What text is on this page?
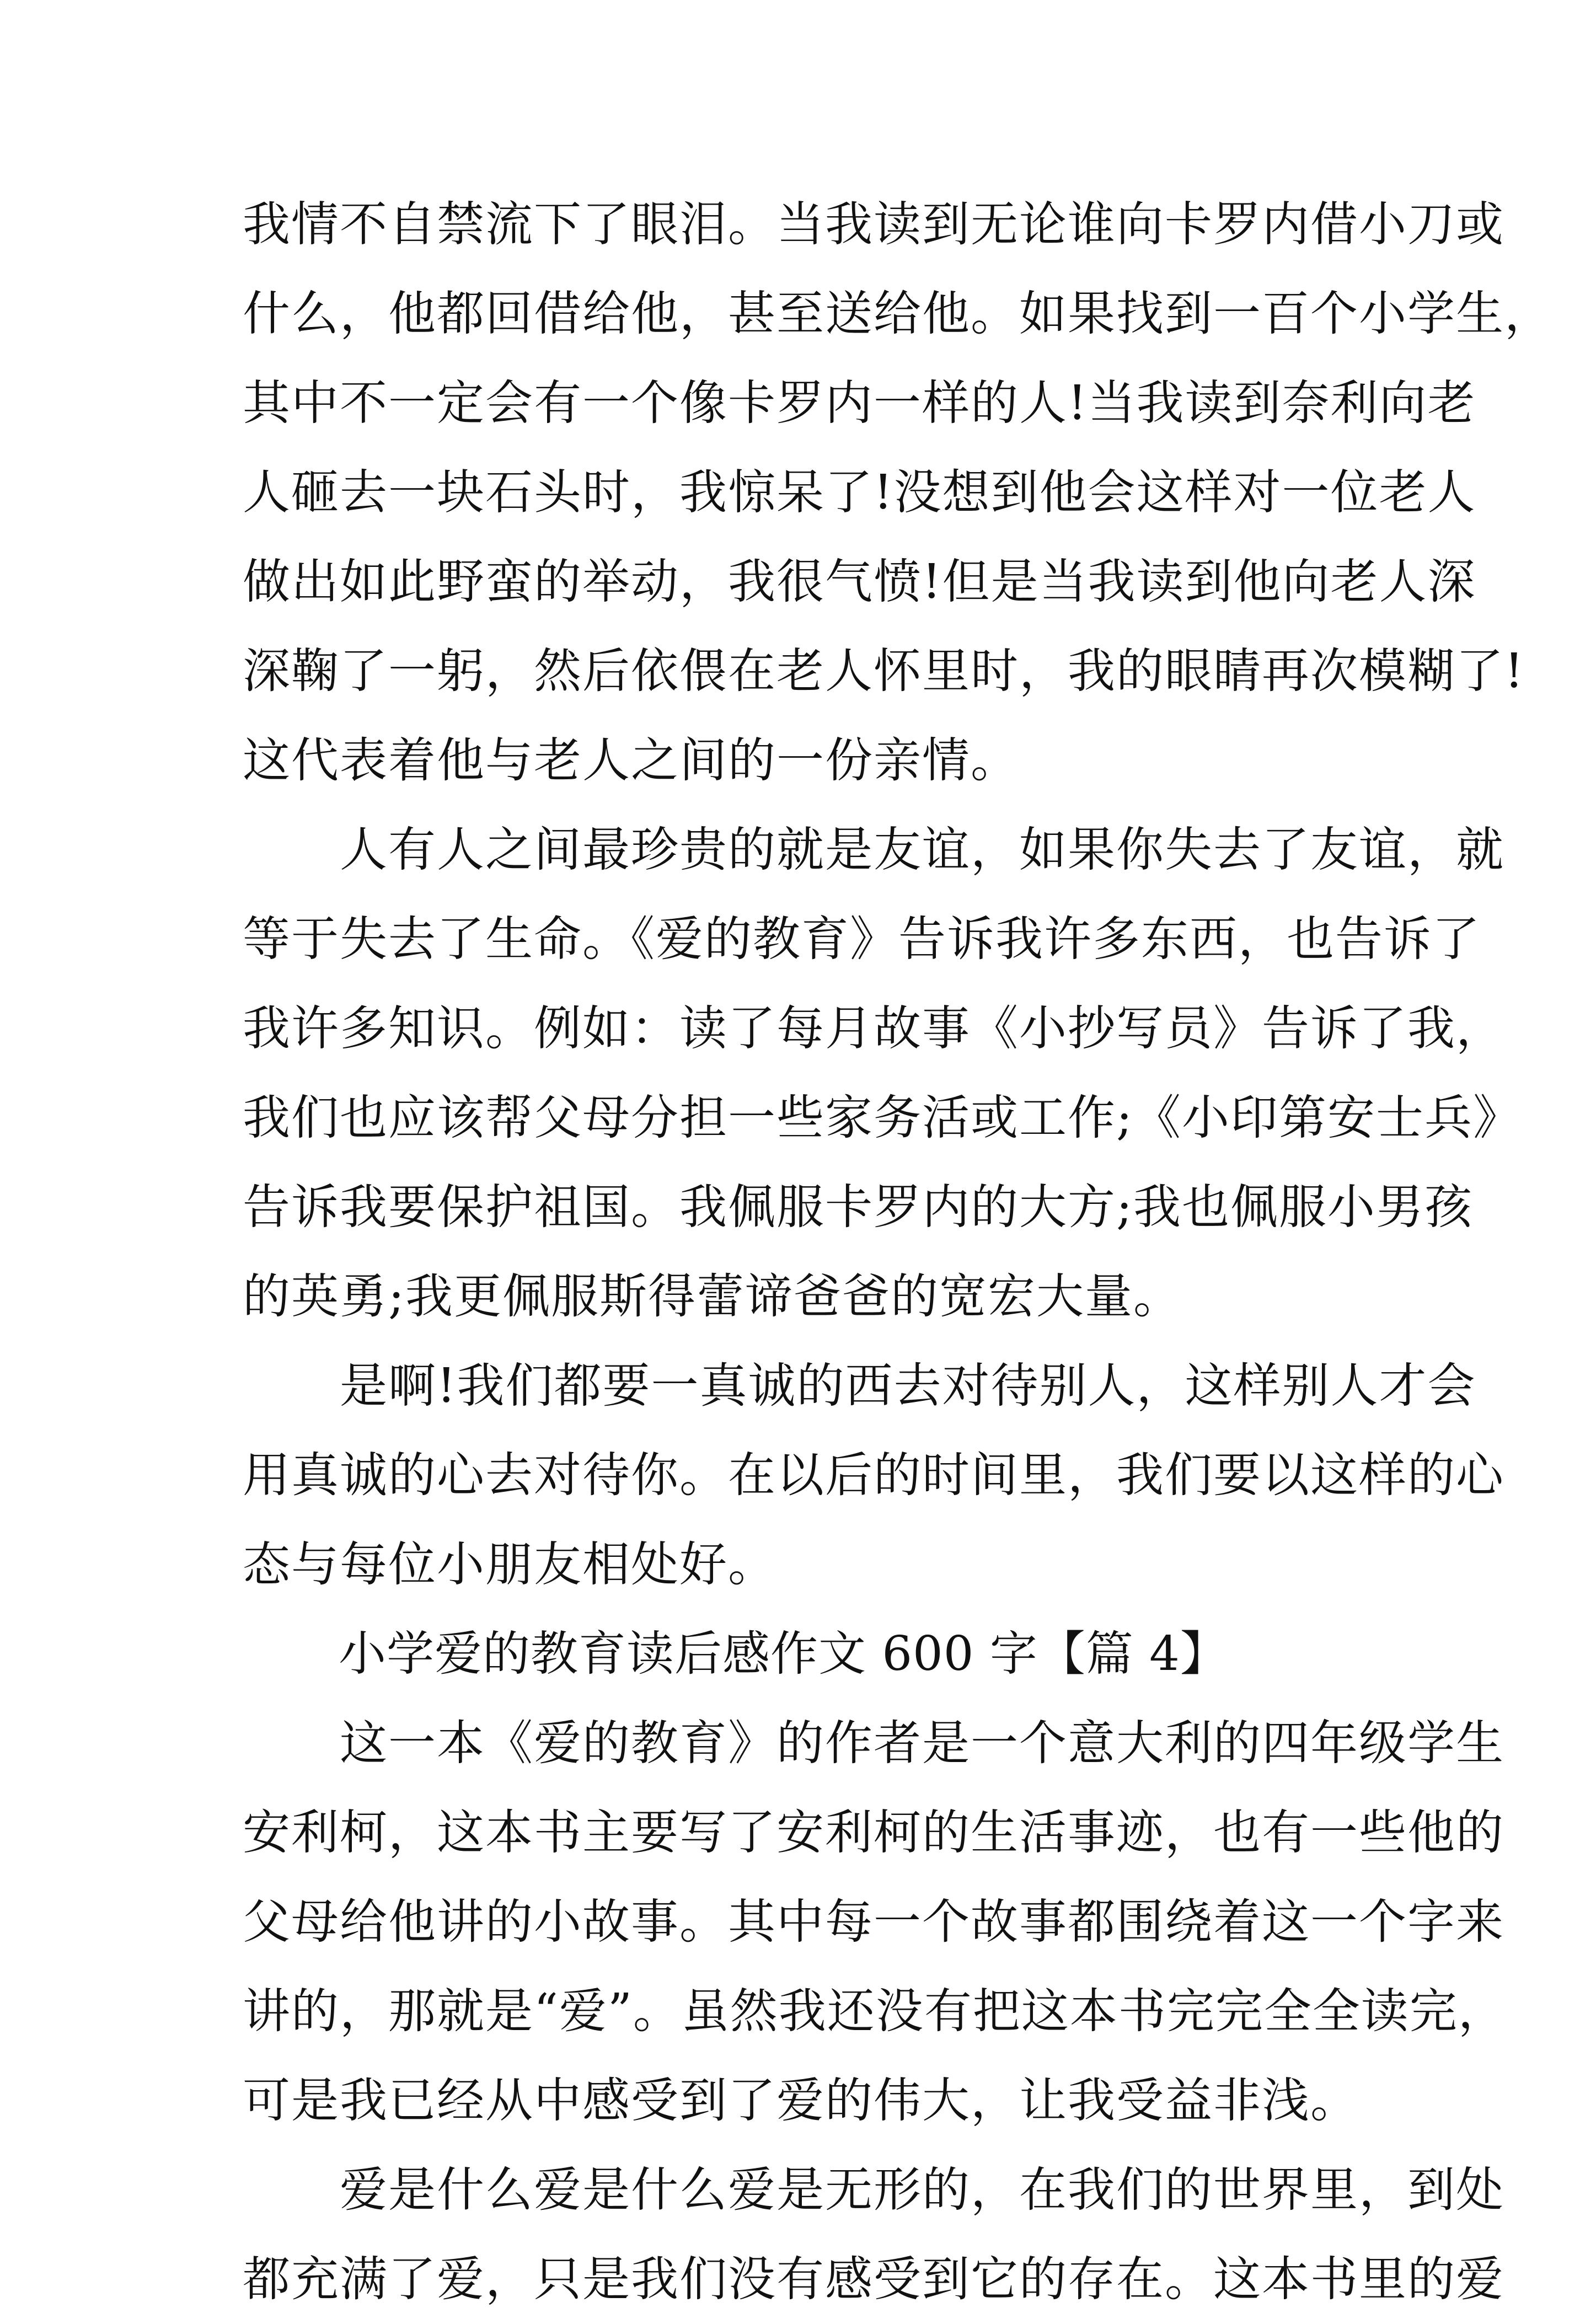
我情不自禁流下了眼泪。当我读到无论谁向卡罗内借小刀或
什么，他都回借给他，甚至送给他。如果找到一百个小学生，
其中不一定会有一个像卡罗内一样的人!当我读到奈利向老
人砸去一块石头时，我惊呆了!没想到他会这样对一位老人
做出如此野蛮的举动，我很气愤!但是当我读到他向老人深
深鞠了一躬，然后依偎在老人怀里时，我的眼睛再次模糊了!
这代表着他与老人之间的一份亲情。
　　人有人之间最珍贵的就是友谊，如果你失去了友谊，就
等于失去了生命。《爱的教育》告诉我许多东西，也告诉了
我许多知识。例如：读了每月故事《小抄写员》告诉了我，
我们也应该帮父母分担一些家务活或工作;《小印第安士兵》
告诉我要保护祖国。我佩服卡罗内的大方;我也佩服小男孩
的英勇;我更佩服斯得蕾谛爸爸的宽宏大量。
　　是啊!我们都要一真诚的西去对待别人，这样别人才会
用真诚的心去对待你。在以后的时间里，我们要以这样的心
态与每位小朋友相处好。
　　小学爱的教育读后感作文 600 字【篇 4】
　　这一本《爱的教育》的作者是一个意大利的四年级学生
安利柯，这本书主要写了安利柯的生活事迹，也有一些他的
父母给他讲的小故事。其中每一个故事都围绕着这一个字来
讲的，那就是“爱”。虽然我还没有把这本书完完全全读完，
可是我已经从中感受到了爱的伟大，让我受益非浅。
　　爱是什么爱是什么爱是无形的，在我们的世界里，到处
都充满了爱，只是我们没有感受到它的存在。这本书里的爱
